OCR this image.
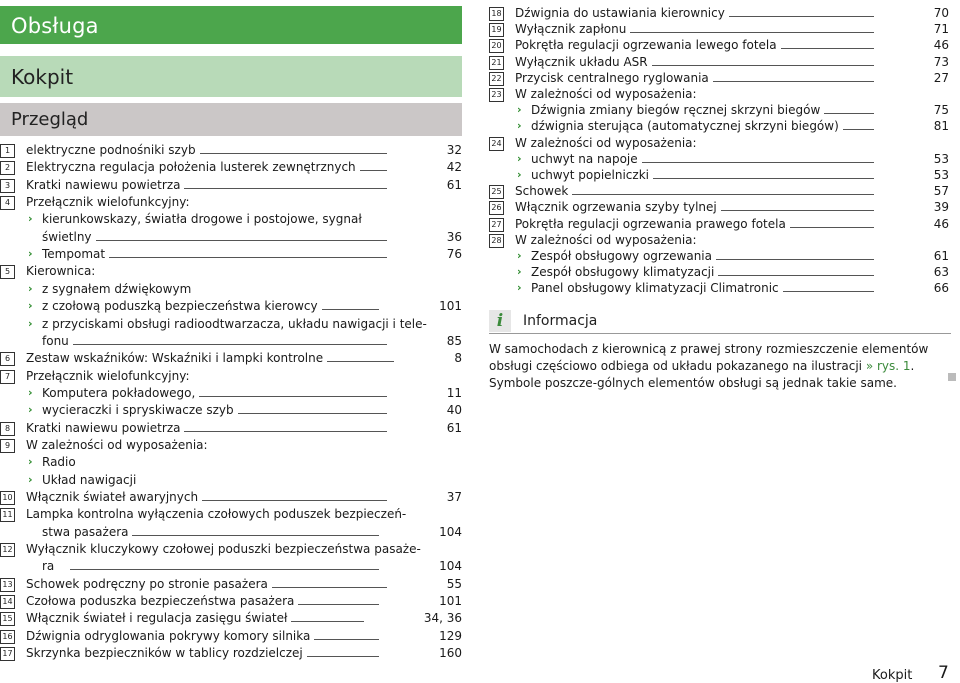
Obsługa
Kokpit
Przegląd
1	elektryczne podnośniki szyb	32
2	Elektryczna regulacja położenia lusterek zewnętrznych	42
3	Kratki nawiewu powietrza	61
4	Przełącznik wielofunkcyjny:
› kierunkowskazy, światła drogowe i postojowe, sygnał
świetlny	36
› Tempomat	76
5	Kierownica:
› z sygnałem dźwiękowym
› z czołową poduszką bezpieczeństwa kierowcy	101
› z przyciskami obsługi radioodtwarzacza, układu nawigacji i tele-
fonu	85
6	Zestaw wskaźników: Wskaźniki i lampki kontrolne	8
7	Przełącznik wielofunkcyjny:
› Komputera pokładowego,	11
› wycieraczki i spryskiwacze szyb	40
8	Kratki nawiewu powietrza	61
9	W zależności od wyposażenia:
› Radio
› Układ nawigacji
10 Włącznik świateł awaryjnych	37
11 Lampka kontrolna wyłączenia czołowych poduszek bezpieczeń-
stwa pasażera	104
12 Wyłącznik kluczykowy czołowej poduszki bezpieczeństwa pasaże-
ra	104
13 Schowek podręczny po stronie pasażera	55
14 Czołowa poduszka bezpieczeństwa pasażera	101
15 Włącznik świateł i regulacja zasięgu świateł	34, 36
16 Dźwignia odryglowania pokrywy komory silnika	129
17 Skrzynka bezpieczników w tablicy rozdzielczej	160
18 Dźwignia do ustawiania kierownicy	70
19 Wyłącznik zapłonu	71
20 Pokrętła regulacji ogrzewania lewego fotela	46
21 Wyłącznik układu ASR	73
22 Przycisk centralnego ryglowania	27
23 W zależności od wyposażenia:
› Dźwignia zmiany biegów ręcznej skrzyni biegów	75
› dźwignia sterująca (automatycznej skrzyni biegów)	81
24 W zależności od wyposażenia:
› uchwyt na napoje	53
› uchwyt popielniczki	53
25 Schowek	57
26 Włącznik ogrzewania szyby tylnej	39
27 Pokrętła regulacji ogrzewania prawego fotela	46
28 W zależności od wyposażenia:
› Zespół obsługowy ogrzewania	61
› Zespół obsługowy klimatyzacji	63
› Panel obsługowy klimatyzacji Climatronic	66
i	Informacja
W samochodach z kierownicą z prawej strony rozmieszczenie elementów obsługi częściowo odbiega od układu pokazanego na ilustracji » rys. 1. Symbole poszcze-gólnych elementów obsługi są jednak takie same.
Kokpit 7
